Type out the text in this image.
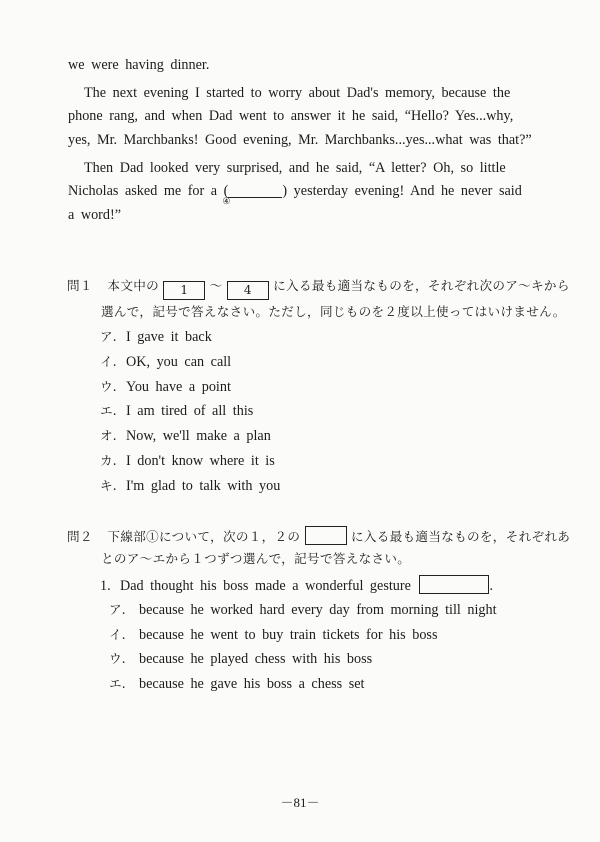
we were having dinner.
The next evening I started to worry about Dad's memory, because the
phone rang, and when Dad went to answer it he said, “Hello? Yes...why,
yes, Mr. Marchbanks! Good evening, Mr. Marchbanks...yes...what was that?”
Then Dad looked very surprised, and he said, “A letter? Oh, so little
Nicholas asked me for a (
④
) yesterday evening! And he never said
a word!”
問１ 本文中の 1 ～ 4 に入る最も適当なものを，それぞれ次のア～キから
選んで，記号で答えなさい。ただし，同じものを２度以上使ってはいけません。
ア. I gave it back
イ. OK, you can call
ウ. You have a point
エ. I am tired of all this
オ. Now, we'll make a plan
カ. I don't know where it is
キ. I'm glad to talk with you
問２ 下線部①について，次の１，２の	に入る最も適当なものを，それぞれあ
とのア～エから１つずつ選んで，記号で答えなさい。
1. Dad thought his boss made a wonderful gesture	.
ア. because he worked hard every day from morning till night
イ. because he went to buy train tickets for his boss
ウ. because he played chess with his boss
エ. because he gave his boss a chess set
－81－
